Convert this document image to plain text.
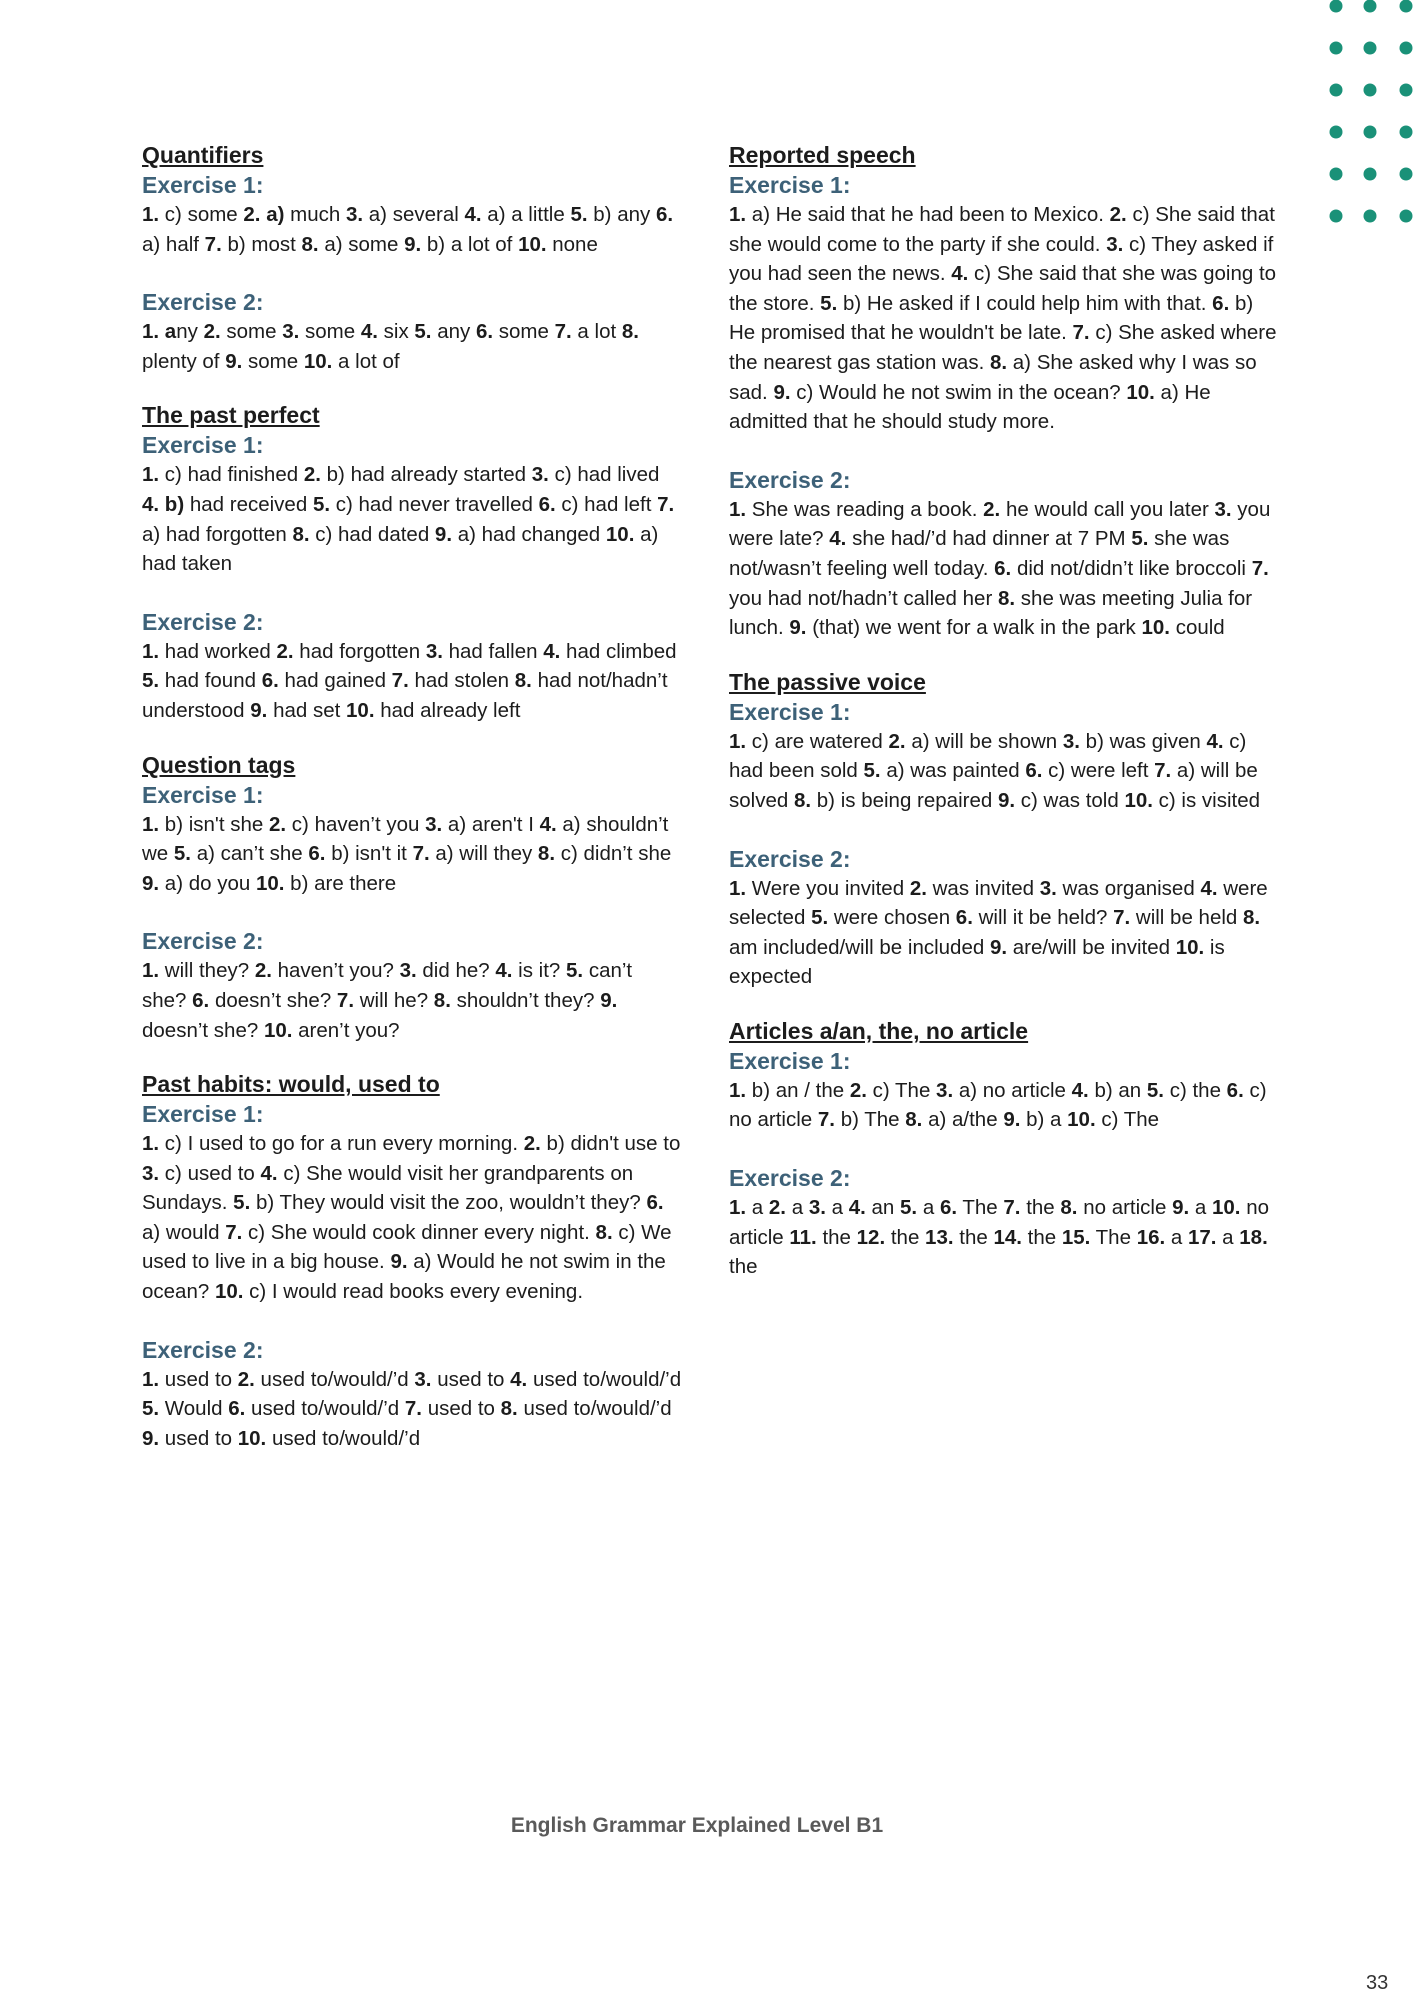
Quantifiers
Exercise 1:

1. c) some 2. a) much 3. a) several 4. a) a little 5. b) any 6. a) half 7. b) most 8. a) some 9. b) a lot of 10. none

Exercise 2:

1. any 2. some 3. some 4. six 5. any 6. some 7. a lot 8. plenty of 9. some 10. a lot of

The past perfect
Exercise 1:

1. c) had finished 2. b) had already started 3. c) had lived 4. b) had received 5. c) had never travelled 6. c) had left 7. a) had forgotten 8. c) had dated 9. a) had changed 10. a) had taken

Exercise 2:

1. had worked 2. had forgotten 3. had fallen 4. had climbed 5. had found 6. had gained 7. had stolen 8. had not/hadn’t understood 9. had set 10. had already left

Question tags
Exercise 1:

1. b) isn't she 2. c) haven’t you 3. a) aren't I 4. a) shouldn’t we 5. a) can’t she 6. b) isn't it 7. a) will they 8. c) didn’t she 9. a) do you 10. b) are there

Exercise 2:

1. will they? 2. haven’t you? 3. did he? 4. is it? 5. can’t she? 6. doesn’t she? 7. will he? 8. shouldn’t they? 9. doesn’t she? 10. aren’t you?

Past habits: would, used to
Exercise 1:

1. c) I used to go for a run every morning. 2. b) didn't use to 3. c) used to 4. c) She would visit her grandparents on Sundays. 5. b) They would visit the zoo, wouldn’t they? 6. a) would 7. c) She would cook dinner every night. 8. c) We used to live in a big house. 9. a) Would he not swim in the ocean? 10. c) I would read books every evening.

Exercise 2:

1. used to 2. used to/would/’d 3. used to 4. used to/would/’d 5. Would 6. used to/would/’d 7. used to 8. used to/would/’d 9. used to 10. used to/would/’d

Reported speech
Exercise 1:

1. a) He said that he had been to Mexico. 2. c) She said that she would come to the party if she could. 3. c) They asked if you had seen the news. 4. c) She said that she was going to the store. 5. b) He asked if I could help him with that. 6. b) He promised that he wouldn't be late. 7. c) She asked where the nearest gas station was. 8. a) She asked why I was so sad. 9. c) Would he not swim in the ocean? 10. a) He admitted that he should study more.

Exercise 2:

1. She was reading a book. 2. he would call you later 3. you were late? 4. she had/’d had dinner at 7 PM 5. she was not/wasn’t feeling well today. 6. did not/didn’t like broccoli 7. you had not/hadn’t called her 8. she was meeting Julia for lunch. 9. (that) we went for a walk in the park 10. could

The passive voice
Exercise 1:

1. c) are watered 2. a) will be shown 3. b) was given 4. c) had been sold 5. a) was painted 6. c) were left 7. a) will be solved 8. b) is being repaired 9. c) was told 10. c) is visited

Exercise 2:

1. Were you invited 2. was invited 3. was organised 4. were selected 5. were chosen 6. will it be held? 7. will be held 8. am included/will be included 9. are/will be invited 10. is expected

Articles a/an, the, no article
Exercise 1:

1. b) an / the 2. c) The 3. a) no article 4. b) an 5. c) the 6. c) no article 7. b) The 8. a) a/the 9. b) a 10. c) The

Exercise 2:

1. a 2. a 3. a 4. an 5. a 6. The 7. the 8. no article 9. a 10. no article 11. the 12. the 13. the 14. the 15. The 16. a 17. a 18. the

English Grammar Explained Level B1
33
